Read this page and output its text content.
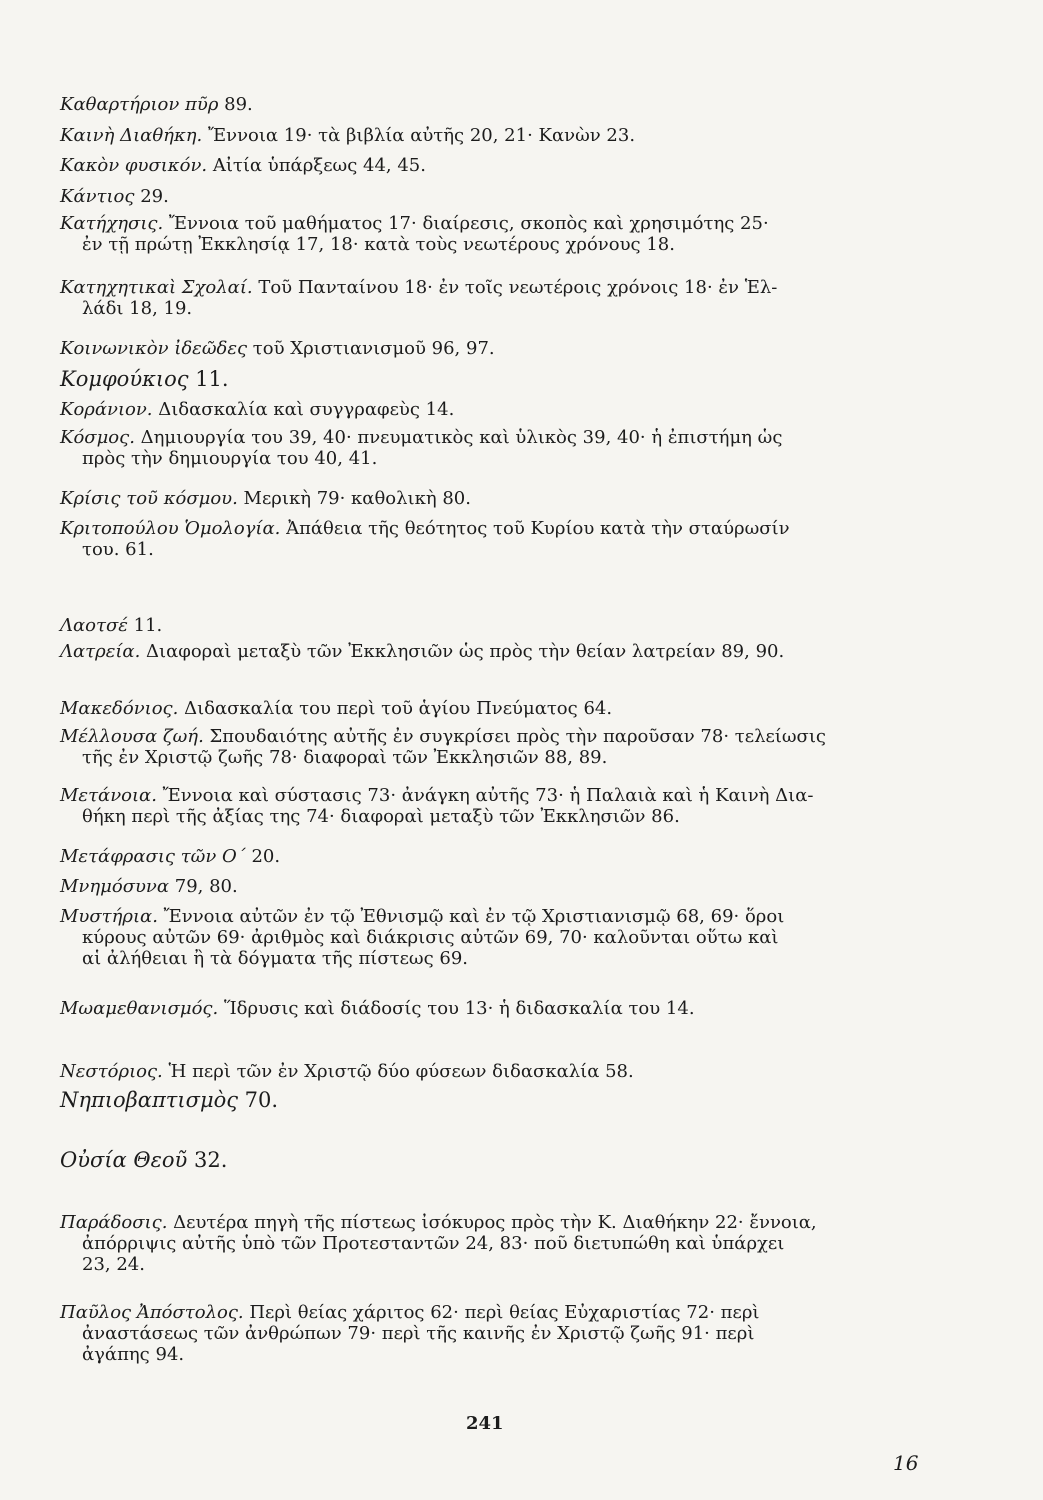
Καθαρτήριον πῦρ 89.
Καινὴ Διαθήκη. Ἔννοια 19· τὰ βιβλία αὐτῆς 20, 21· Κανὼν 23.
Κακὸν φυσικόν. Αἰτία ὑπάρξεως 44, 45.
Κάντιος 29.
Κατήχησις. Ἔννοια τοῦ μαθήματος 17· διαίρεσις, σκοπὸς καὶ χρησιμότης 25·
ἐν τῇ πρώτῃ Ἐκκλησίᾳ 17, 18· κατὰ τοὺς νεωτέρους χρόνους 18.
Κατηχητικαὶ Σχολαί. Τοῦ Πανταίνου 18· ἐν τοῖς νεωτέροις χρόνοις 18· ἐν Ἑλ-
λάδι 18, 19.
Κοινωνικὸν ἰδεῶδες τοῦ Χριστιανισμοῦ 96, 97.
Κομφούκιος 11.
Κοράνιον. Διδασκαλία καὶ συγγραφεὺς 14.
Κόσμος. Δημιουργία του 39, 40· πνευματικὸς καὶ ὑλικὸς 39, 40· ἡ ἐπιστήμη ὡς
πρὸς τὴν δημιουργία του 40, 41.
Κρίσις τοῦ κόσμου. Μερικὴ 79· καθολικὴ 80.
Κριτοπούλου Ὁμολογία. Ἀπάθεια τῆς θεότητος τοῦ Κυρίου κατὰ τὴν σταύρωσίν
του. 61.
Λαοτσέ 11.
Λατρεία. Διαφοραὶ μεταξὺ τῶν Ἐκκλησιῶν ὡς πρὸς τὴν θείαν λατρείαν 89, 90.
Μακεδόνιος. Διδασκαλία του περὶ τοῦ ἁγίου Πνεύματος 64.
Μέλλουσα ζωή. Σπουδαιότης αὐτῆς ἐν συγκρίσει πρὸς τὴν παροῦσαν 78· τελείωσις
τῆς ἐν Χριστῷ ζωῆς 78· διαφοραὶ τῶν Ἐκκλησιῶν 88, 89.
Μετάνοια. Ἔννοια καὶ σύστασις 73· ἀνάγκη αὐτῆς 73· ἡ Παλαιὰ καὶ ἡ Καινὴ Δια-
θήκη περὶ τῆς ἀξίας της 74· διαφοραὶ μεταξὺ τῶν Ἐκκλησιῶν 86.
Μετάφρασις τῶν Ο΄ 20.
Μνημόσυνα 79, 80.
Μυστήρια. Ἔννοια αὐτῶν ἐν τῷ Ἐθνισμῷ καὶ ἐν τῷ Χριστιανισμῷ 68, 69· ὅροι
κύρους αὐτῶν 69· ἀριθμὸς καὶ διάκρισις αὐτῶν 69, 70· καλοῦνται οὕτω καὶ
αἱ ἀλήθειαι ἢ τὰ δόγματα τῆς πίστεως 69.
Μωαμεθανισμός. Ἵδρυσις καὶ διάδοσίς του 13· ἡ διδασκαλία του 14.
Νεστόριος. Ἡ περὶ τῶν ἐν Χριστῷ δύο φύσεων διδασκαλία 58.
Νηπιοβαπτισμὸς 70.
Οὐσία Θεοῦ 32.
Παράδοσις. Δευτέρα πηγὴ τῆς πίστεως ἰσόκυρος πρὸς τὴν Κ. Διαθήκην 22· ἔννοια,
ἀπόρριψις αὐτῆς ὑπὸ τῶν Προτεσταντῶν 24, 83· ποῦ διετυπώθη καὶ ὑπάρχει
23, 24.
Παῦλος Ἀπόστολος. Περὶ θείας χάριτος 62· περὶ θείας Εὐχαριστίας 72· περὶ
ἀναστάσεως τῶν ἀνθρώπων 79· περὶ τῆς καινῆς ἐν Χριστῷ ζωῆς 91· περὶ
ἀγάπης 94.
241
16
